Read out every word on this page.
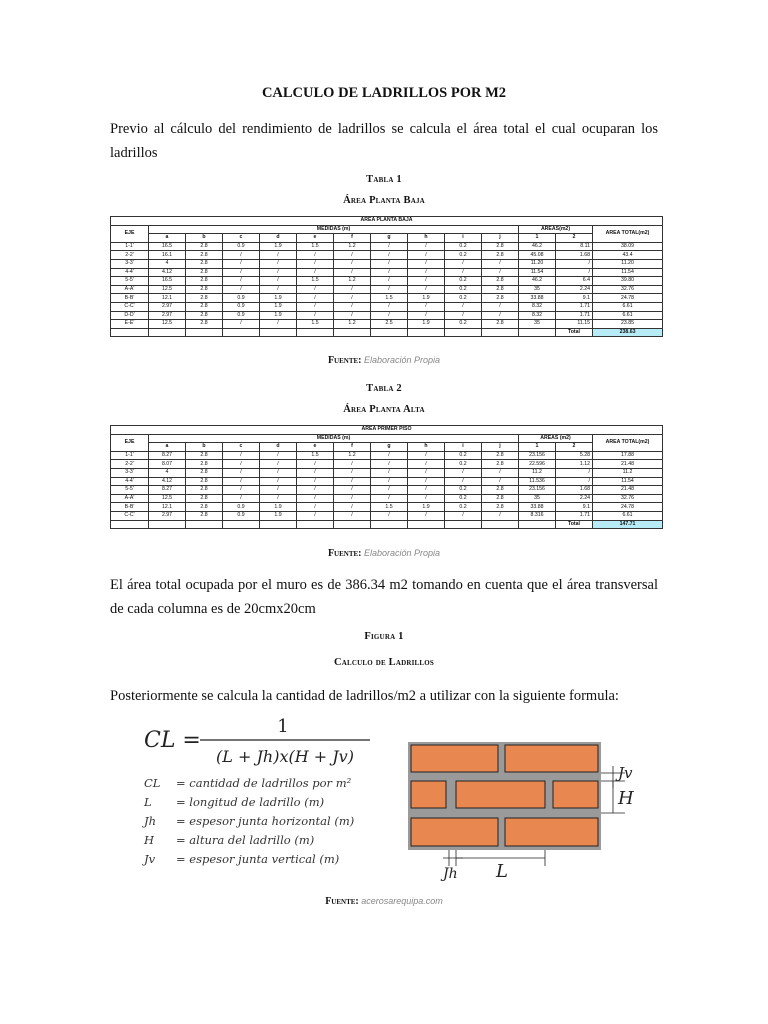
CALCULO DE LADRILLOS POR M2
Previo al cálculo del rendimiento de ladrillos se calcula el área total el cual ocuparan los ladrillos
Tabla 1
Área Planta Baja
AREA PLANTA BAJA													
EJE	MEDIDAS (m)										AREAS(m2)		AREA TOTAL(m2)
	a	b	c	d	e	f	g	h	i	j	1	2	
1-1'	16.5	2.8	0.9	1.9	1.5	1.2	/	/	0.2	2.8	46.2	8.11	38.09
2-2'	16.1	2.8	/	/	/	/	/	/	0.2	2.8	45.08	1.68	43.4
3-3'	4	2.8	/	/	/	/	/	/	/	/	11.20	/	11.20
4-4'	4.12	2.8	/	/	/	/	/	/	/	/	11.54	/	11.54
5-5'	16.5	2.8	/	/	1.5	1.2	/	/	0.2	2.8	46.2	6.4	39.80
A-A'	12.5	2.8	/	/	/	/	/	/	0.2	2.8	35	2.24	32.76
B-B'	12.1	2.8	0.9	1.9	/	/	1.5	1.9	0.2	2.8	33.88	9.1	24.78
C-C'	2.97	2.8	0.9	1.9	/	/	/	/	/	/	8.32	1.71	6.61
D-D'	2.97	2.8	0.9	1.9	/	/	/	/	/	/	8.32	1.71	6.61
E-E'	12.5	2.8	/	/	1.5	1.2	2.5	1.9	0.2	2.8	35	11.15	23.85
												Total	238.63
Fuente: Elaboración Propia
Tabla 2
Área Planta Alta
AREA PRIMER PISO													
EJE	MEDIDAS (m)										AREAS (m2)		AREA TOTAL(m2)
	a	b	c	d	e	f	g	h	i	j	1	2	
1-1'	8.27	2.8	/	/	1.5	1.2	/	/	0.2	2.8	23.156	5.28	17.88
2-2'	8.07	2.8	/	/	/	/	/	/	0.2	2.8	22.596	1.12	21.48
3-3'	4	2.8	/	/	/	/	/	/	/	/	11.2	/	11.2
4-4'	4.12	2.8	/	/	/	/	/	/	/	/	11.536	/	11.54
5-5'	8.27	2.8	/	/	/	/	/	/	0.2	2.8	23.156	1.68	21.48
A-A'	12.5	2.8	/	/	/	/	/	/	0.2	2.8	35	2.24	32.76
B-B'	12.1	2.8	0.9	1.9	/	/	1.5	1.9	0.2	2.8	33.88	9.1	24.78
C-C'	2.97	2.8	0.9	1.9	/	/	/	/	/	/	8.316	1.71	6.61
												Total	147.71
Fuente: Elaboración Propia
El área total ocupada por el muro es de 386.34 m2 tomando en cuenta que el área transversal de cada columna es de 20cmx20cm
Figura 1
Calculo de Ladrillos
Posteriormente se calcula la cantidad de ladrillos/m2 a utilizar con la siguiente formula:
CL =
1
(L + Jh)x(H + Jv)
CL = cantidad de ladrillos por m²
L = longitud de ladrillo (m)
Jh = espesor junta horizontal (m)
H = altura del ladrillo (m)
Jv = espesor junta vertical (m)
Jv
H
Jh L
Fuente: acerosarequipa.com
